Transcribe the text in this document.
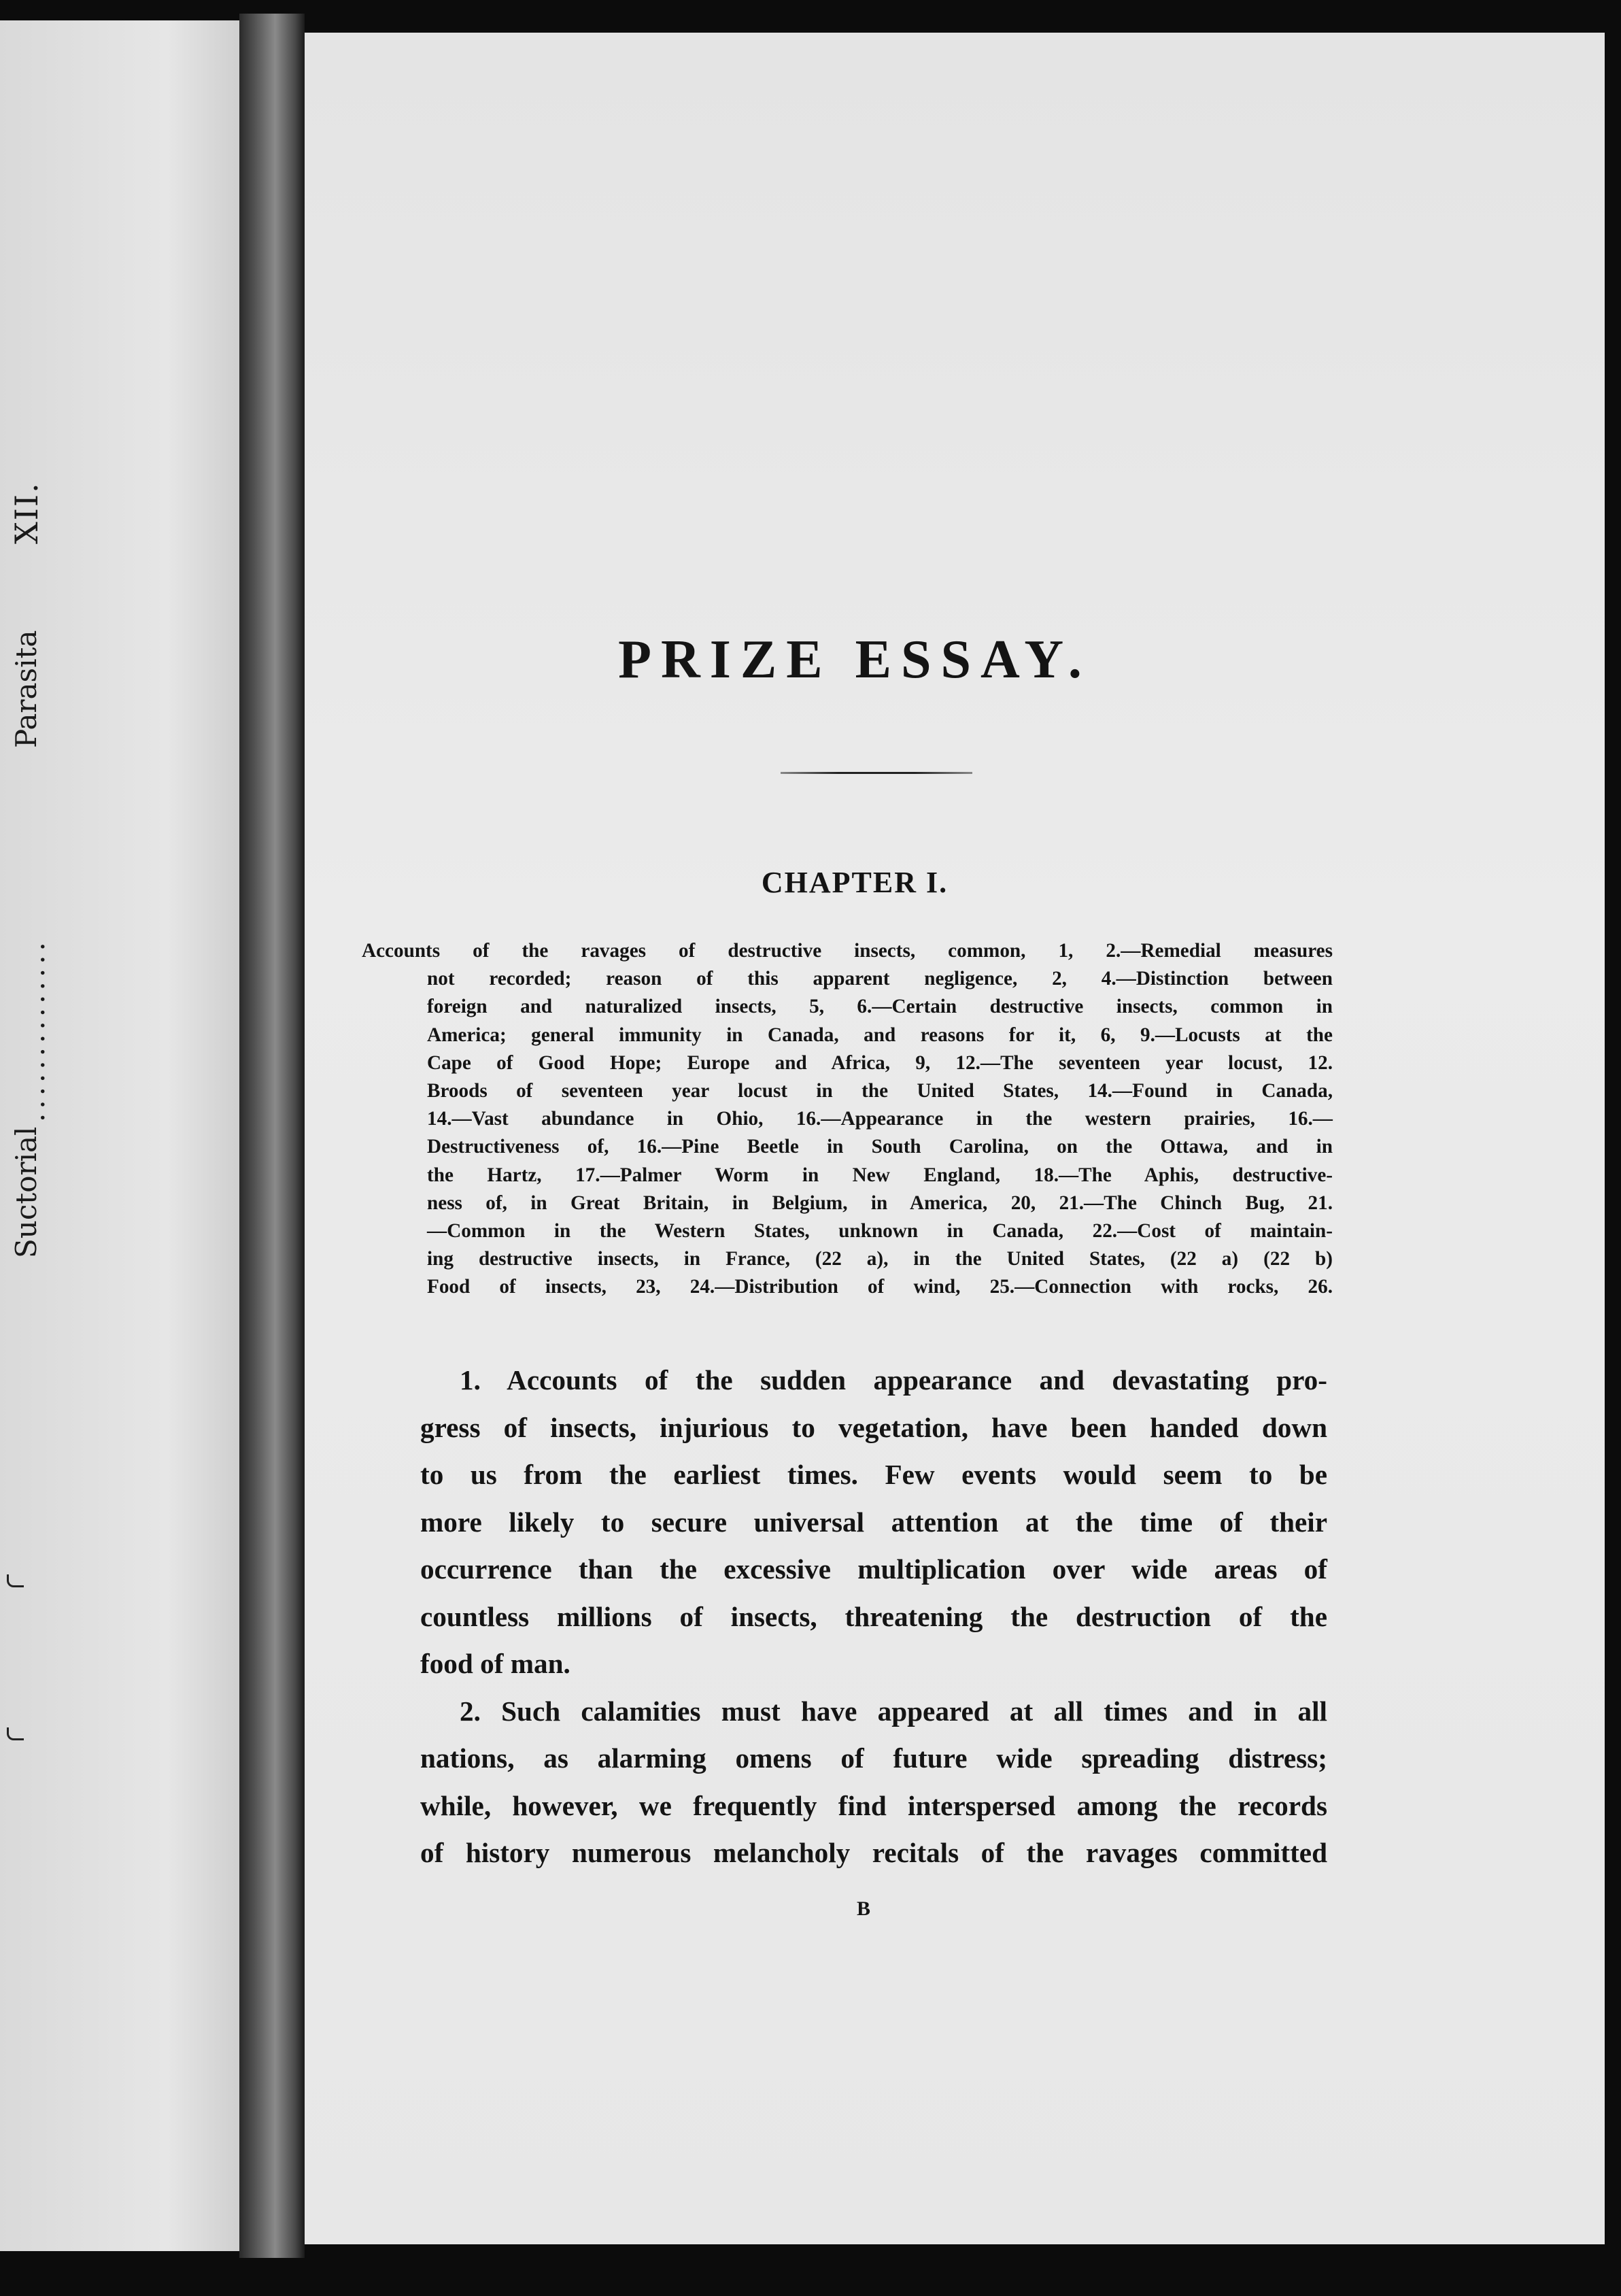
XII.
Parasita
..............
Suctorial
PRIZE ESSAY.
CHAPTER I.
Accounts of the ravages of destructive insects, common, 1, 2.—Remedial measures
not recorded; reason of this apparent negligence, 2, 4.—Distinction between
foreign and naturalized insects, 5, 6.—Certain destructive insects, common in
America; general immunity in Canada, and reasons for it, 6, 9.—Locusts at the
Cape of Good Hope; Europe and Africa, 9, 12.—The seventeen year locust, 12.
Broods of seventeen year locust in the United States, 14.—Found in Canada,
14.—Vast abundance in Ohio, 16.—Appearance in the western prairies, 16.—
Destructiveness of, 16.—Pine Beetle in South Carolina, on the Ottawa, and in
the Hartz, 17.—Palmer Worm in New England, 18.—The Aphis, destructive-
ness of, in Great Britain, in Belgium, in America, 20, 21.—The Chinch Bug, 21.
—Common in the Western States, unknown in Canada, 22.—Cost of maintain-
ing destructive insects, in France, (22 a), in the United States, (22 a) (22 b)
Food of insects, 23, 24.—Distribution of wind, 25.—Connection with rocks, 26.
1. Accounts of the sudden appearance and devastating pro-
gress of insects, injurious to vegetation, have been handed down
to us from the earliest times. Few events would seem to be
more likely to secure universal attention at the time of their
occurrence than the excessive multiplication over wide areas of
countless millions of insects, threatening the destruction of the
food of man.
2. Such calamities must have appeared at all times and in all
nations, as alarming omens of future wide spreading distress;
while, however, we frequently find interspersed among the records
of history numerous melancholy recitals of the ravages committed
B
